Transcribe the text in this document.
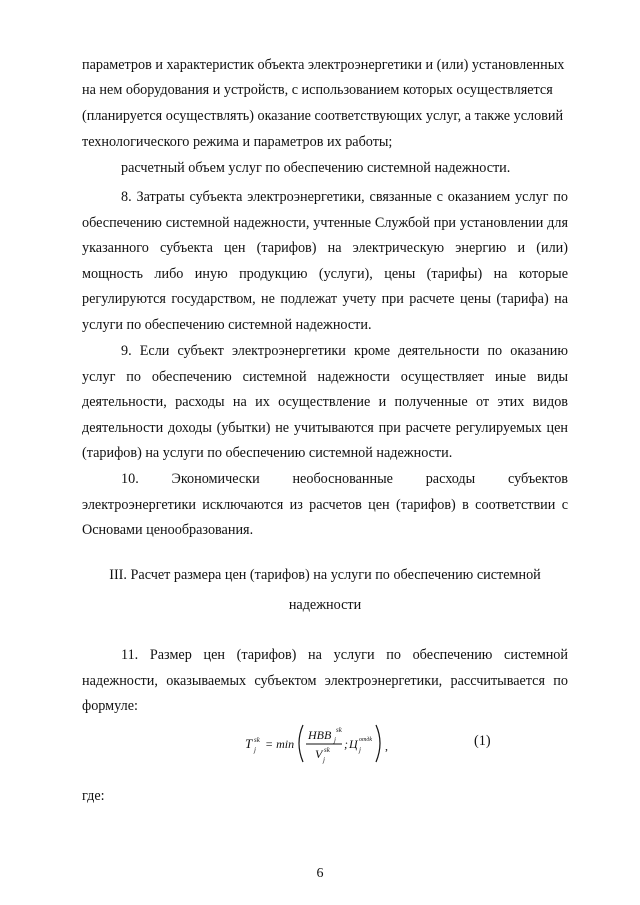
параметров и характеристик объекта электроэнергетики и (или) установленных
на нем оборудования и устройств, с использованием которых осуществляется
(планируется осуществлять) оказание соответствующих услуг, а также условий
технологического режима и параметров их работы;
расчетный объем услуг по обеспечению системной надежности.

8. Затраты субъекта электроэнергетики, связанные с оказанием услуг по обеспечению системной надежности, учтенные Службой при установлении для указанного субъекта цен (тарифов) на электрическую энергию и (или) мощность либо иную продукцию (услуги), цены (тарифы) на которые регулируются государством, не подлежат учету при расчете цены (тарифа) на услуги по обеспечению системной надежности.

9. Если субъект электроэнергетики кроме деятельности по оказанию услуг по обеспечению системной надежности осуществляет иные виды деятельности, расходы на их осуществление и полученные от этих видов деятельности доходы (убытки) не учитываются при расчете регулируемых цен (тарифов) на услуги по обеспечению системной надежности.

10. Экономически необоснованные расходы субъектов электроэнергетики исключаются из расчетов цен (тарифов) в соответствии с Основами ценообразования.

III. Расчет размера цен (тарифов) на услуги по обеспечению системной
надежности

11. Размер цен (тарифов) на услуги по обеспечению системной надежности, оказываемых субъектом электроэнергетики, рассчитывается по формуле:

T sk
j = min
HBB sk
j
V sk
j
; Ц отдk
j ,	(1)
где:
6
